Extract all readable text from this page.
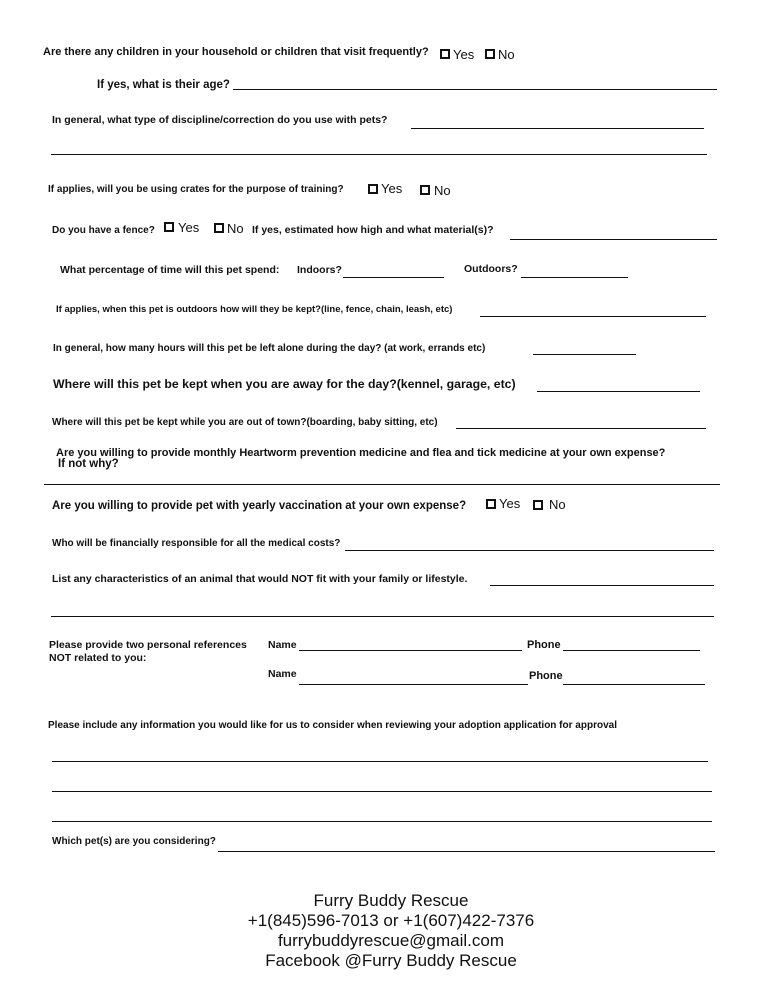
Are there any children in your household or children that visit frequently? Yes No
If yes, what is their age?
In general, what type of discipline/correction do you use with pets?
If applies, will you be using crates for the purpose of training?	Yes No
Do you have a fence? Yes No If yes, estimated how high and what material(s)?
What percentage of time will this pet spend: Indoors?	Outdoors?
If applies, when this pet is outdoors how will they be kept?(line, fence, chain, leash, etc)
In general, how many hours will this pet be left alone during the day? (at work, errands etc)
Where will this pet be kept when you are away for the day?(kennel, garage, etc)
Where will this pet be kept while you are out of town?(boarding, baby sitting, etc)
Are you willing to provide monthly Heartworm prevention medicine and flea and tick medicine at your own expense?
If not why?
Are you willing to provide pet with yearly vaccination at your own expense?	Yes No
Who will be financially responsible for all the medical costs?
List any characteristics of an animal that would NOT fit with your family or lifestyle.
Please provide two personal references
NOT related to you:
Name	Phone
Name	Phone
Please include any information you would like for us to consider when reviewing your adoption application for approval
Which pet(s) are you considering?
Furry Buddy Rescue
+1(845)596-7013 or +1(607)422-7376
furrybuddyrescue@gmail.com
Facebook @Furry Buddy Rescue
